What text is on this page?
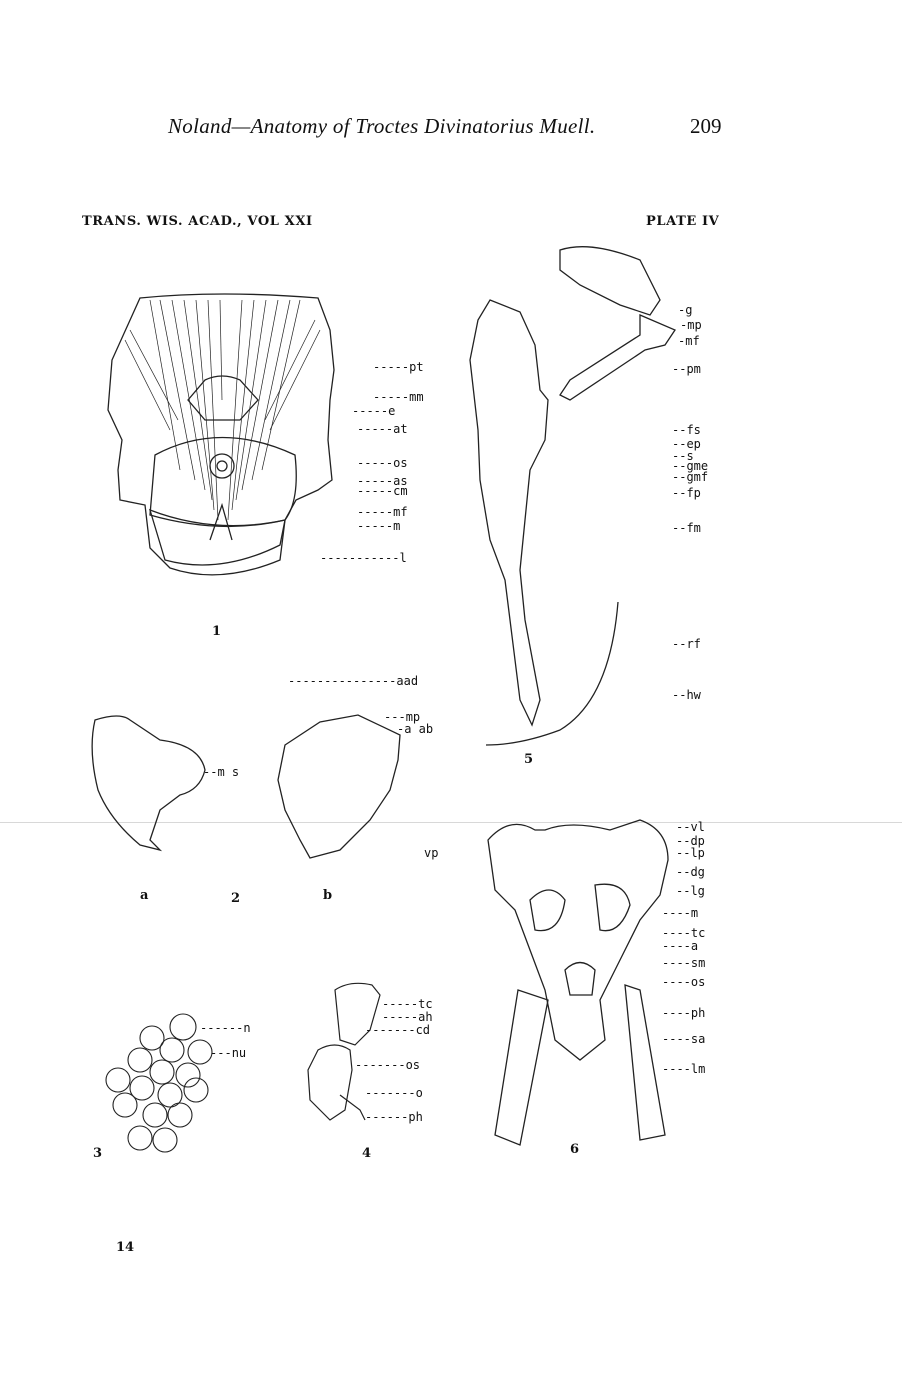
Noland—Anatomy of Troctes Divinatorius Muell.	209
TRANS. WIS. ACAD., VOL XXI	PLATE IV
-----pt
-----mm
-----e
-----at
-----os
-----as
-----cm
-----mf
-----m
-----------l
1
--m s
---------------aad
---mp
-a ab
vp
a	2	b
------n
---nu
3
-----tc
-----ah
-------cd
-------os
-------o
------ph
4
-g
-mp
-mf
--pm
--fs
--ep
--s
--gme
--gmf
--fp
--fm
--rf
--hw
5
--vl
--dp
--lp
--dg
--lg
----m
----tc
----a
----sm
----os
----ph
----sa
----lm
6
14
